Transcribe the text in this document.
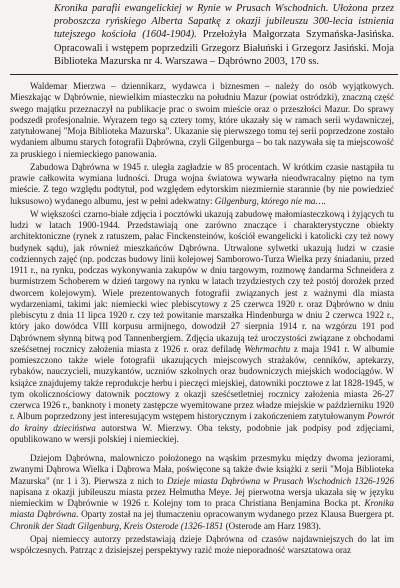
Kronika parafii ewangelickiej w Rynie w Prusach Wschodnich. Ułożona przez proboszcza ryńskiego Alberta Sapatkę z okazji jubileuszu 300-lecia istnienia tutejszego kościoła (1604-1904). Przełożyła Małgorzata Szymańska-Jasińska. Opracowali i wstępem poprzedzili Grzegorz Białuński i Grzegorz Jasiński. Moja Biblioteka Mazurska nr 4. Warszawa – Dąbrówno 2003, 170 ss.

Waldemar Mierzwa – dziennikarz, wydawca i biznesmen – należy do osób wyjątkowych. Mieszkając w Dąbrównie, niewielkim miasteczku na południu Mazur (powiat ostródzki), znaczną część swego majątku przeznaczył na publikacje prac o swoim mieście oraz o przeszłości Mazur. Do sprawy podszedł profesjonalnie. Wyrazem tego są cztery tomy, które ukazały się w ramach serii wydawniczej, zatytułowanej "Moja Biblioteka Mazurska". Ukazanie się pierwszego tomu tej serii poprzedzone zostało wydaniem albumu starych fotografii Dąbrówna, czyli Gilgenburga – bo tak nazywała się ta miejscowość za pruskiego i niemieckiego panowania.

Zabudowa Dąbrówna w 1945 r. uległa zagładzie w 85 procentach. W krótkim czasie nastąpiła tu prawie całkowita wymiana ludności. Druga wojna światowa wywarła nieodwracalny piętno na tym mieście. Z tego względu podtytuł, pod względem edytorskim niezmiernie starannie (by nie powiedzieć luksusowo) wydanego albumu, jest w pełni adekwatny: Gilgenburg, którego nie ma….

W większości czarno-białe zdjęcia i pocztówki ukazują zabudowę małomiasteczkową i żyjących tu ludzi w latach 1900-1944. Przedstawiają one zarówno znaczące i charakterystyczne obiekty architektoniczne (rynek z ratuszem, pałac Finckensteinów, kościół ewangelicki i katolicki czy też nowy budynek sądu), jak również mieszkańców Dąbrówna. Utrwalone sylwetki ukazują ludzi w czasie codziennych zajęć (np. podczas budowy linii kolejowej Samborowo-Turza Wielka przy śniadaniu, przed 1911 r., na rynku, podczas wykonywania zakupów w dniu targowym, rozmowę żandarma Schneidera z burmistrzem Schoberem w dzień targowy na rynku w latach trzydziestych czy też postój dorożek przed dworcem kolejowym). Wiele prezentowanych fotografii związanych jest z ważnymi dla miasta wydarzeniami, takimi jak: niemiecki wiec plebiscytowy z 25 czerwca 1920 r. oraz Dąbrówno w dniu plebiscytu z dnia 11 lipca 1920 r. czy też powitanie marszałka Hindenburga w dniu 2 czerwca 1922 r., który jako dowódca VIII korpusu armijnego, dowodził 27 sierpnia 1914 r. na wzgórzu 191 pod Dąbrównem słynną bitwą pod Tannenbergiem. Zdjęcia ukazują też uroczystości związane z obchodami sześćsetnej rocznicy założenia miasta z 1926 r. oraz defiladę Wehrmachtu z maja 1941 r. W albumie pomieszczono także wiele fotografii ukazujących miejscowych strażaków, cenników, aptekarzy, rybaków, nauczycieli, muzykantów, uczniów szkolnych oraz budowniczych miejskich wodociągów. W książce znajdujemy także reprodukcje herbu i pieczęci miejskiej, datowniki pocztowe z lat 1828-1945, w tym okolicznościowy datownik pocztowy z okazji sześćsetletniej rocznicy założenia miasta 26-27 czerwca 1926 r., banknoty i monety zastępcze wyemitowane przez władze miejskie w październiku 1920 r. Album poprzedzony jest interesującym wstępem historycznym i zakończeniem zatytułowanym Powrót do krainy dzieciństwa autorstwa W. Mierzwy. Oba teksty, podobnie jak podpisy pod zdjęciami, opublikowano w wersji polskiej i niemieckiej.

Dziejom Dąbrówna, malowniczo położonego na wąskim przesmyku między dwoma jeziorami, zwanymi Dąbrowa Wielka i Dąbrowa Mała, poświęcone są także dwie książki z serii "Moja Biblioteka Mazurska" (nr 1 i 3). Pierwsza z nich to Dzieje miasta Dąbrówna w Prusach Wschodnich 1326-1926 napisana z okazji jubileuszu miasta przez Helmutha Meye. Jej pierwotna wersja ukazała się w języku niemieckim w Dąbrównie w 1926 r. Kolejny tom to praca Christiana Benjamina Bocka pt. Kronika miasta Dąbrówna. Oparty został na jej tłumaczeniu opracowanym wydanego przez Klausa Buergera pt. Chronik der Stadt Gilgenburg, Kreis Osterode (1326-1851 (Osterode am Harz 1983).

Opaj niemieccy autorzy przedstawiają dzieje Dąbrówna od czasów najdawniejszych do lat im współczesnych. Patrząc z dzisiejszej perspektywy razić może nieporadność warsztatowa oraz
